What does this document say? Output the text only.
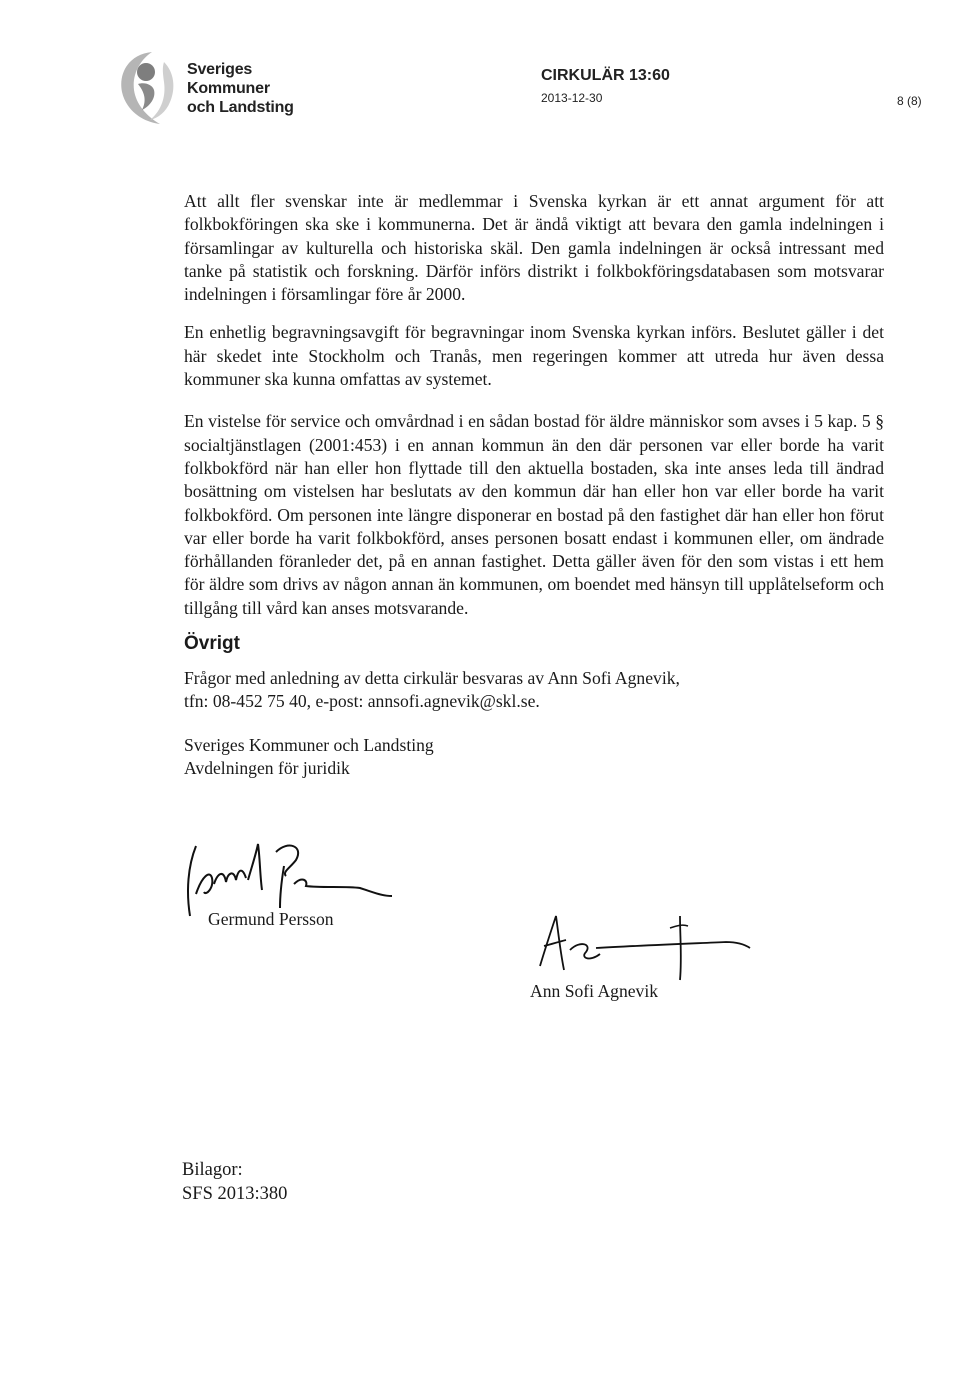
Sveriges
Kommuner
och Landsting
CIRKULÄR 13:60
2013-12-30	8 (8)

Att allt fler svenskar inte är medlemmar i Svenska kyrkan är ett annat argument för att folkbokföringen ska ske i kommunerna. Det är ändå viktigt att bevara den gamla indelningen i församlingar av kulturella och historiska skäl. Den gamla indelningen är också intressant med tanke på statistik och forskning. Därför införs distrikt i folkbokföringsdatabasen som motsvarar indelningen i församlingar före år 2000.

En enhetlig begravningsavgift för begravningar inom Svenska kyrkan införs. Beslutet gäller i det här skedet inte Stockholm och Tranås, men regeringen kommer att utreda hur även dessa kommuner ska kunna omfattas av systemet.

En vistelse för service och omvårdnad i en sådan bostad för äldre människor som avses i 5 kap. 5 § socialtjänstlagen (2001:453) i en annan kommun än den där personen var eller borde ha varit folkbokförd när han eller hon flyttade till den aktuella bostaden, ska inte anses leda till ändrad bosättning om vistelsen har beslutats av den kommun där han eller hon var eller borde ha varit folkbokförd. Om personen inte längre disponerar en bostad på den fastighet där han eller hon förut var eller borde ha varit folkbokförd, anses personen bosatt endast i kommunen eller, om ändrade förhållanden föranleder det, på en annan fastighet. Detta gäller även för den som vistas i ett hem för äldre som drivs av någon annan än kommunen, om boendet med hänsyn till upplåtelseform och tillgång till vård kan anses motsvarande.

Övrigt
Frågor med anledning av detta cirkulär besvaras av Ann Sofi Agnevik,
tfn: 08-452 75 40, e-post: annsofi.agnevik@skl.se.
Sveriges Kommuner och Landsting
Avdelningen för juridik
Germund Persson
Ann Sofi Agnevik
Bilagor:
SFS 2013:380
